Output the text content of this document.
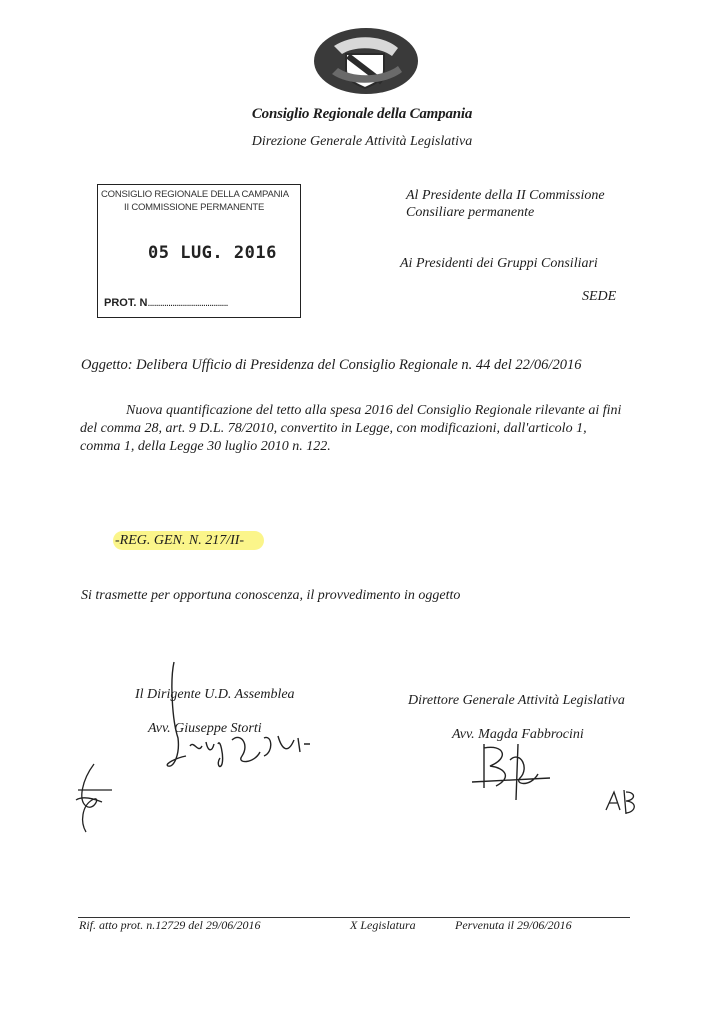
Consiglio Regionale della Campania
Direzione Generale Attività Legislativa
CONSIGLIO REGIONALE DELLA CAMPANIA
II COMMISSIONE PERMANENTE
05 LUG. 2016
PROT. N.......................................
Al Presidente della II Commissione
Consiliare permanente
Ai Presidenti dei Gruppi Consiliari
SEDE
Oggetto: Delibera Ufficio di Presidenza del Consiglio Regionale n. 44 del 22/06/2016
Nuova quantificazione del tetto alla spesa 2016 del Consiglio Regionale rilevante ai fini
del comma 28, art. 9 D.L. 78/2010, convertito in Legge, con modificazioni, dall'articolo 1,
comma 1, della Legge 30 luglio 2010 n. 122.
-REG. GEN. N. 217/II-
Si trasmette per opportuna conoscenza, il provvedimento in oggetto
Il Dirigente U.D. Assemblea
Avv. Giuseppe Storti
Direttore Generale Attività Legislativa
Avv. Magda Fabbrocini
Rif. atto prot. n.12729 del 29/06/2016	X Legislatura	Pervenuta il 29/06/2016
